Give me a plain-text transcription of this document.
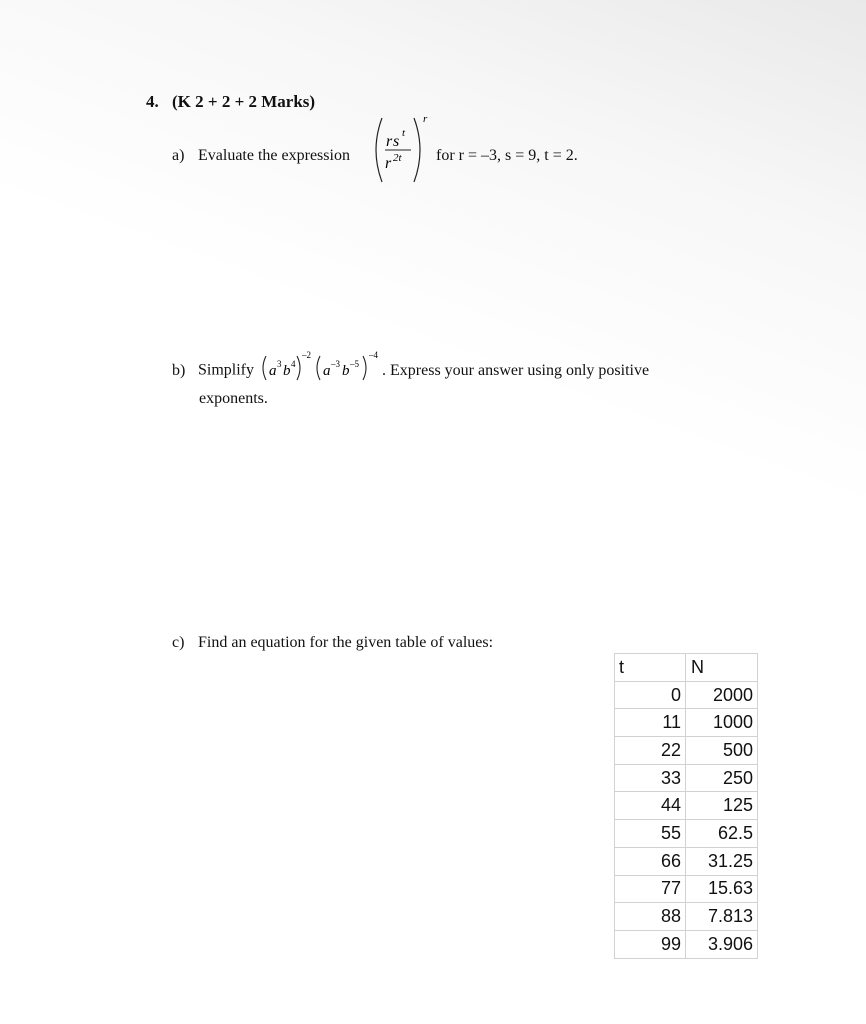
4. (K 2 + 2 + 2 Marks)
a) Evaluate the expression
r s t
r 2t
r
for r = –3, s = 9, t = 2.
b) Simplify a 3 b 4
–2
a –3 b –5
–4
. Express your answer using only positive
exponents.
c) Find an equation for the given table of values:
t	N
0	2000
11	1000
22	500
33	250
44	125
55	62.5
66	31.25
77	15.63
88	7.813
99	3.906
